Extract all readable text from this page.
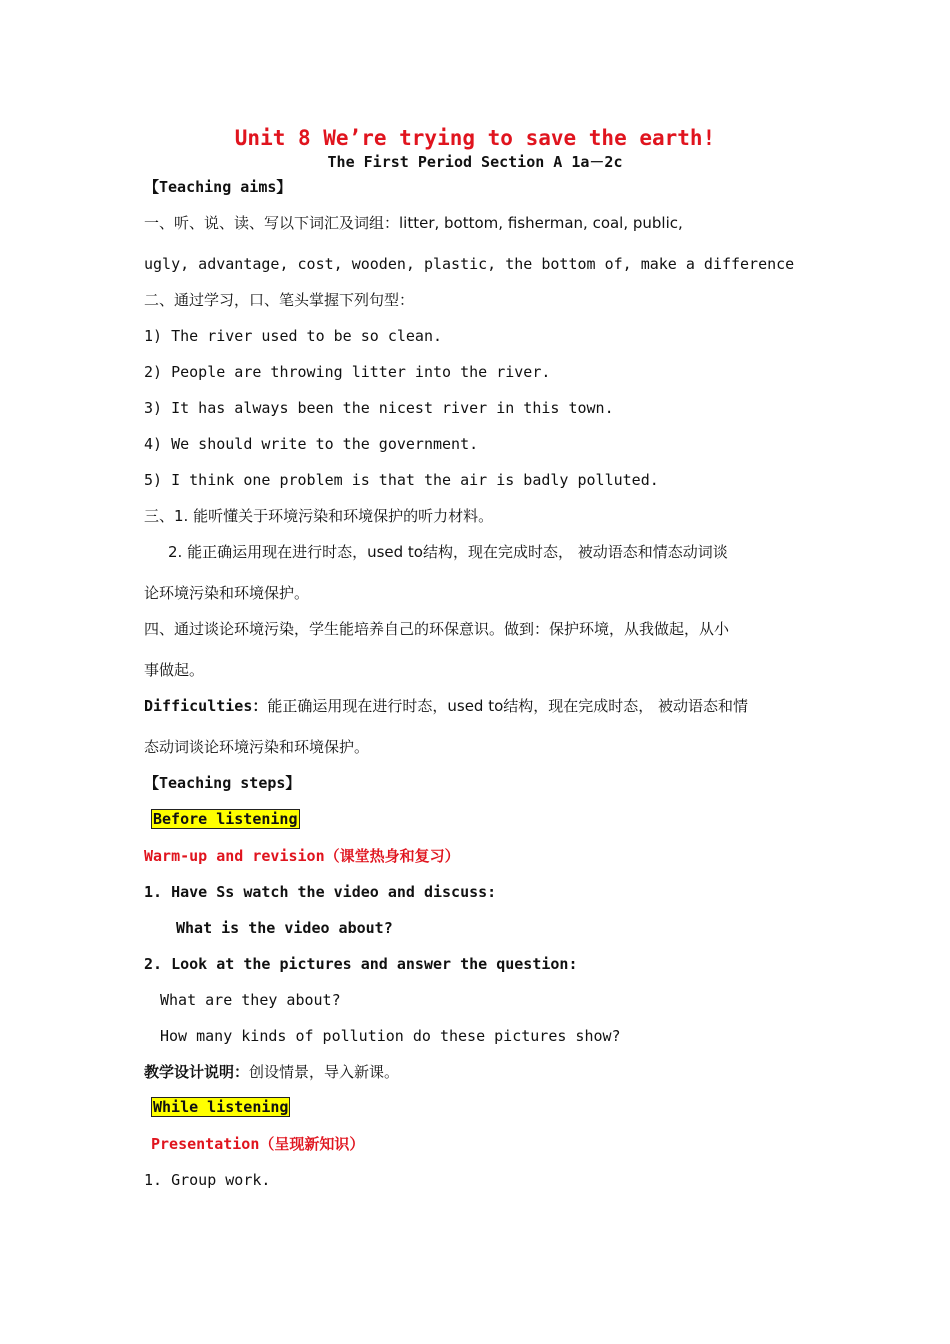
Unit 8 We’re trying to save the earth!
The First Period Section A 1a－2c
【Teaching aims】
一、听、说、读、写以下词汇及词组：litter, bottom, fisherman, coal, public,
ugly, advantage, cost, wooden, plastic, the bottom of, make a difference
二、通过学习，口、笔头掌握下列句型：
1) The river used to be so clean.
2) People are throwing litter into the river.
3) It has always been the nicest river in this town.
4) We should write to the government.
5) I think one problem is that the air is badly polluted.
三、1. 能听懂关于环境污染和环境保护的听力材料。
2. 能正确运用现在进行时态，used to结构，现在完成时态， 被动语态和情态动词谈
论环境污染和环境保护。
四、通过谈论环境污染，学生能培养自己的环保意识。做到：保护环境，从我做起，从小
事做起。
Difficulties：能正确运用现在进行时态，used to结构，现在完成时态， 被动语态和情
态动词谈论环境污染和环境保护。
【Teaching steps】
Before listening
Warm-up and revision（课堂热身和复习）
1. Have Ss watch the video and discuss:
What is the video about?
2. Look at the pictures and answer the question:
What are they about?
How many kinds of pollution do these pictures show?
教学设计说明：创设情景，导入新课。
While listening
Presentation（呈现新知识）
1. Group work.
